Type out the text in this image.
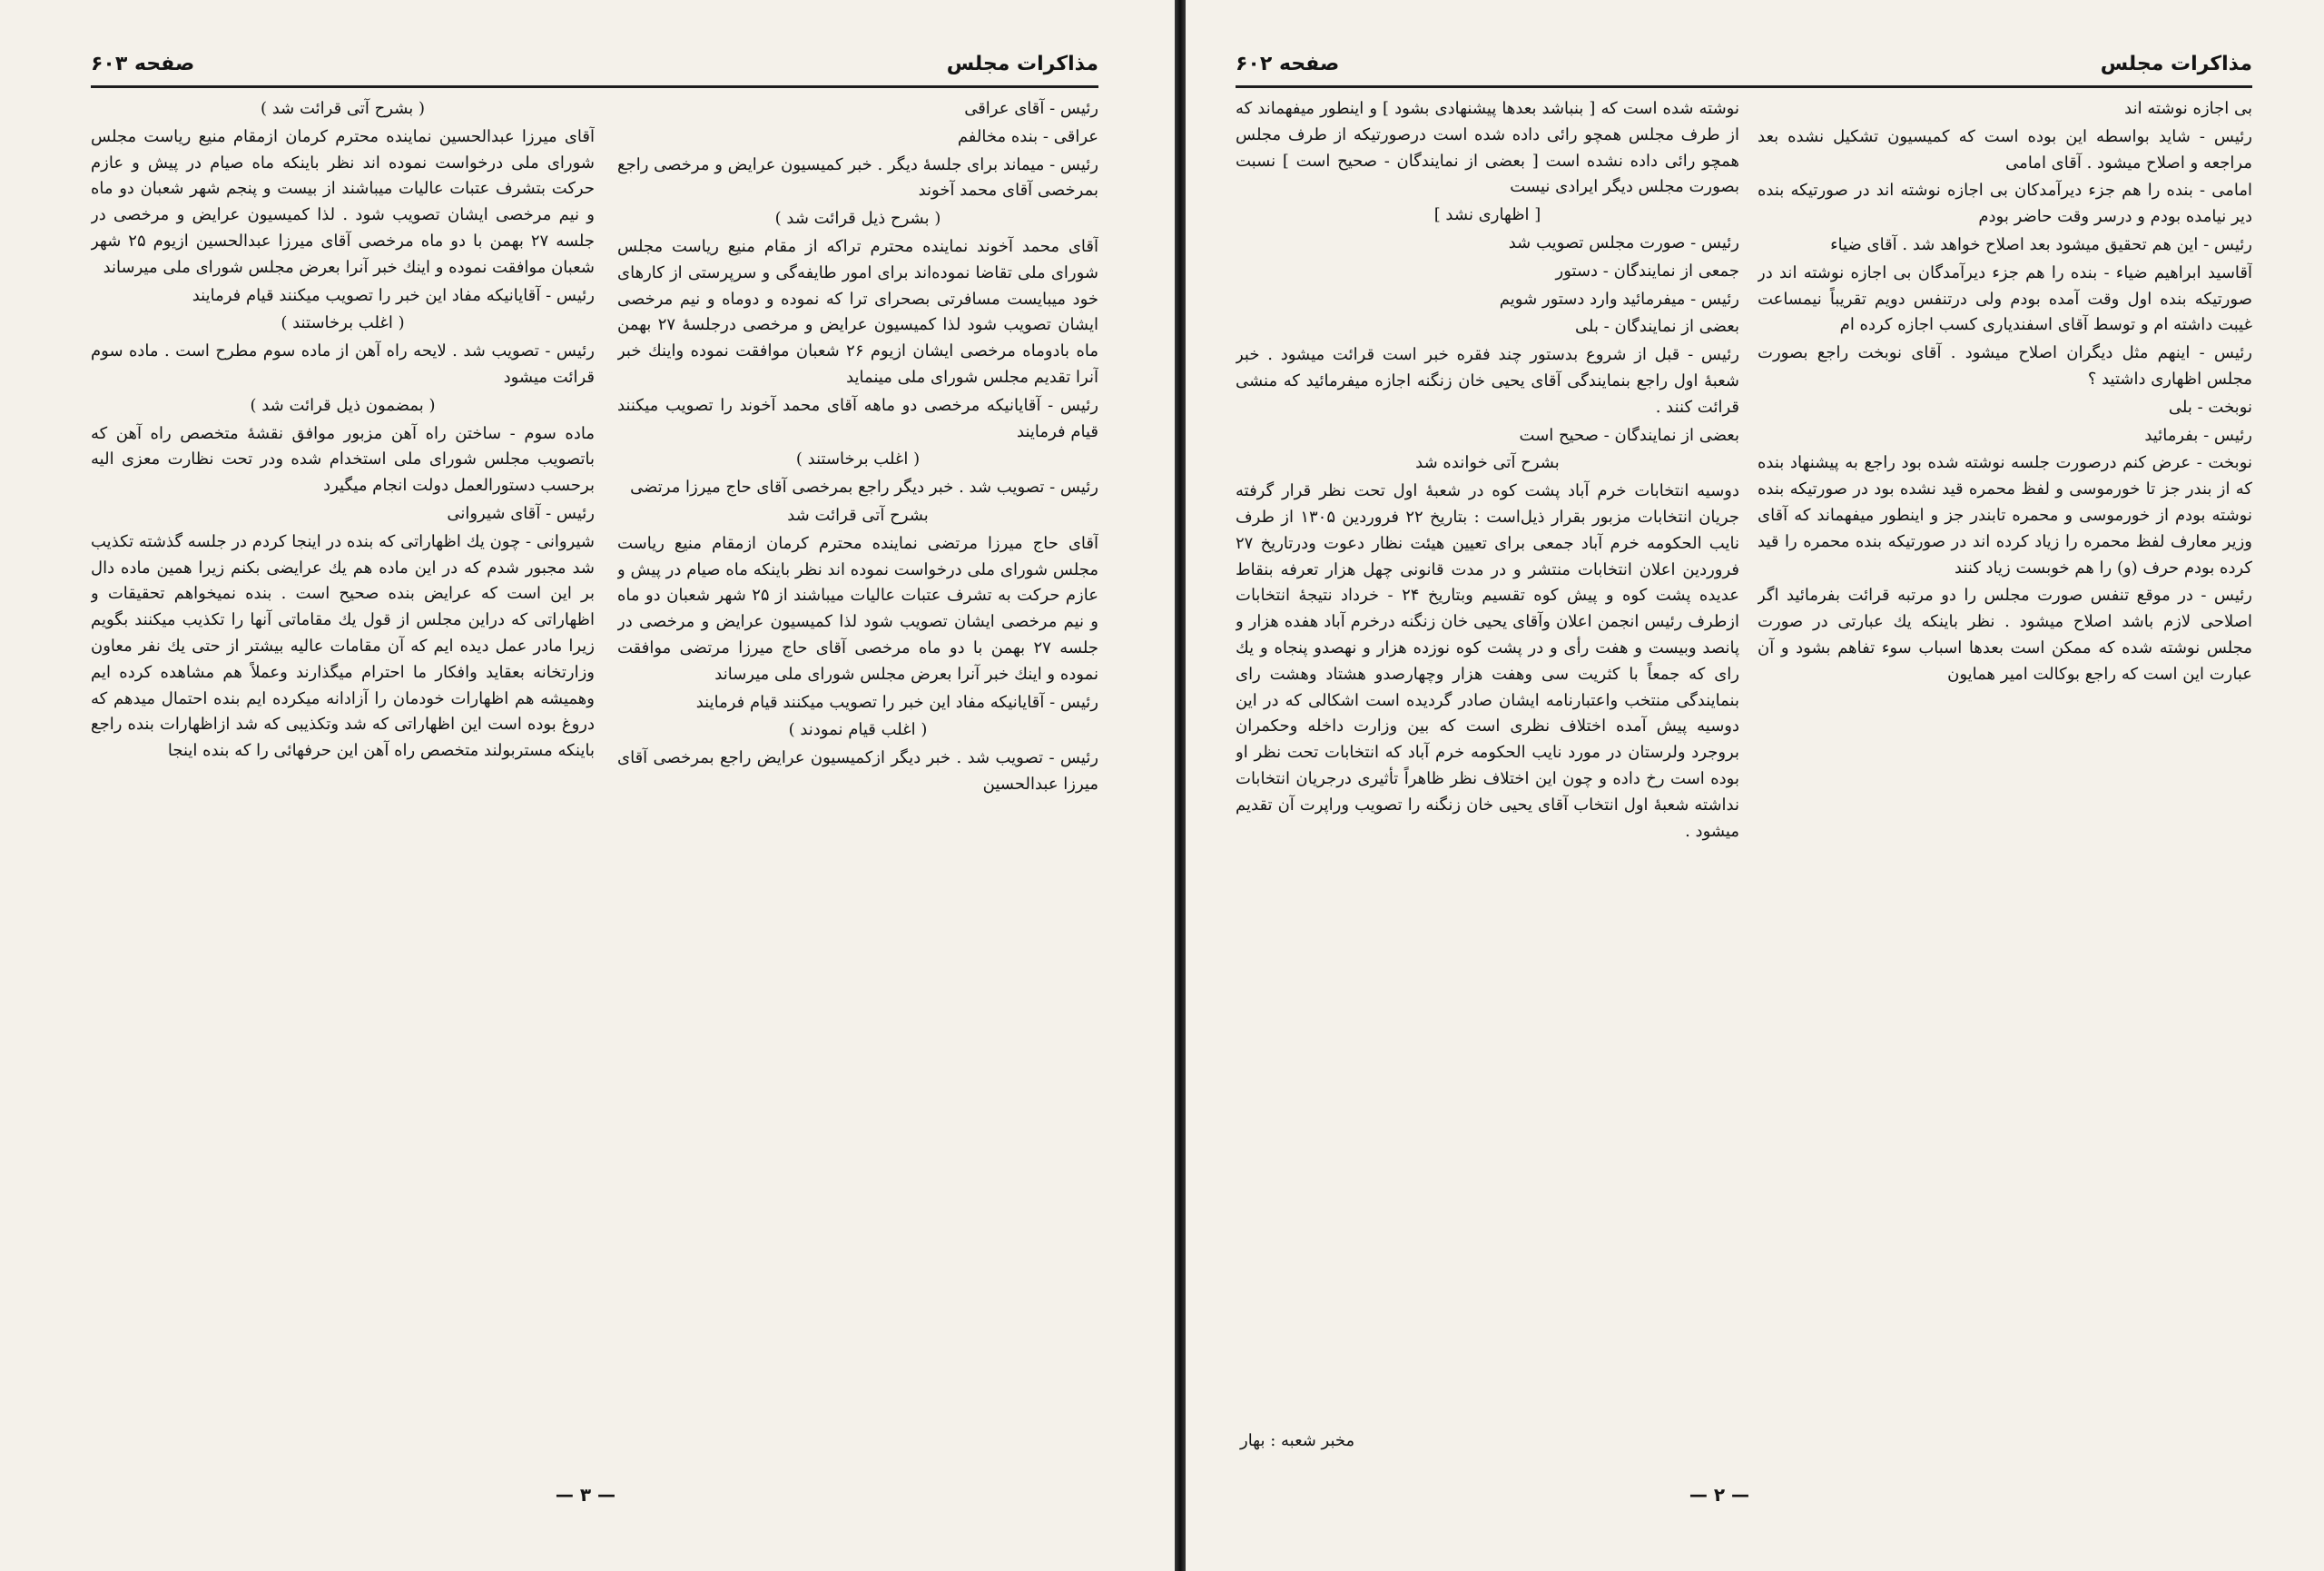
مذاکرات مجلس
صفحه ۶۰۳

رئیس - آقای عراقی

عراقی - بنده مخالفم

رئیس - میماند برای جلسهٔ دیگر . خبر کمیسیون عرایض و مرخصی راجع بمرخصی آقای محمد آخوند

( بشرح ذیل قرائت شد )

آقای محمد آخوند نماینده محترم تراکه از مقام منیع ریاست مجلس شورای ملی تقاضا نموده‌اند برای امور طایفه‌گی و سرپرستی از کارهای خود میبایست مسافرتی بصحرای ترا که نموده و دوماه و نیم مرخصی ایشان تصویب شود لذا کمیسیون عرایض و مرخصی درجلسهٔ ۲۷ بهمن ماه بادوماه مرخصی ایشان ازیوم ۲۶ شعبان موافقت نموده واینك خبر آنرا تقدیم مجلس شورای ملی مینماید

رئیس - آقایانیکه مرخصی دو ماهه آقای محمد آخوند را تصویب میکنند قیام فرمایند

( اغلب برخاستند )

رئیس - تصویب شد . خبر دیگر راجع بمرخصی آقای حاج میرزا مرتضی

بشرح آتی قرائت شد

آقای حاج میرزا مرتضی نماینده محترم کرمان ازمقام منیع ریاست مجلس شورای ملی درخواست نموده اند نظر باینکه ماه صیام در پیش و عازم حرکت به تشرف عتبات عالیات میباشند از ۲۵ شهر شعبان دو ماه و نیم مرخصی ایشان تصویب شود لذا کمیسیون عرایض و مرخصی در جلسه ۲۷ بهمن با دو ماه مرخصی آقای حاج میرزا مرتضی موافقت نموده و اینك خبر آنرا بعرض مجلس شورای ملی میرساند

رئیس - آقایانیکه مفاد این خبر را تصویب میکنند قیام فرمایند

( اغلب قیام نمودند )

رئیس - تصویب شد . خبر دیگر ازکمیسیون عرایض راجع بمرخصی آقای میرزا عبدالحسین

( بشرح آتی قرائت شد )

آقای میرزا عبدالحسین نماینده محترم کرمان ازمقام منیع ریاست مجلس شورای ملی درخواست نموده اند نظر باینکه ماه صیام در پیش و عازم حرکت بتشرف عتبات عالیات میباشند از بیست و پنجم شهر شعبان دو ماه و نیم مرخصی ایشان تصویب شود . لذا کمیسیون عرایض و مرخصی در جلسه ۲۷ بهمن با دو ماه مرخصی آقای میرزا عبدالحسین ازیوم ۲۵ شهر شعبان موافقت نموده و اینك خبر آنرا بعرض مجلس شورای ملی میرساند

رئیس - آقایانیکه مفاد این خبر را تصویب میکنند قیام فرمایند

( اغلب برخاستند )

رئیس - تصویب شد . لایحه راه آهن از ماده سوم مطرح است . ماده سوم قرائت میشود

( بمضمون ذیل قرائت شد )

ماده سوم - ساختن راه آهن مزبور موافق نقشهٔ متخصص راه آهن که باتصویب مجلس شورای ملی استخدام شده ودر تحت نظارت معزی الیه برحسب دستورالعمل دولت انجام میگیرد

رئیس - آقای شیروانی

شیروانی - چون یك اظهاراتی که بنده در اینجا کردم در جلسه گذشته تکذیب شد مجبور شدم که در این ماده هم یك عرایضی بکنم زیرا همین ماده دال بر این است که عرایض بنده صحیح است . بنده نمیخواهم تحقیقات و اظهاراتی که دراین مجلس از قول یك مقاماتی آنها را تکذیب میکنند بگویم زیرا مادر عمل دیده ایم که آن مقامات عالیه بیشتر از حتی یك نفر معاون وزارتخانه بعقاید وافکار ما احترام میگذارند وعملاً هم مشاهده کرده ایم وهمیشه هم اظهارات خودمان را آزادانه میکرده ایم بنده احتمال میدهم که دروغ بوده است این اظهاراتی که شد وتکذیبی که شد ازاظهارات بنده راجع باینکه مستربولند متخصص راه آهن این حرفهائی را که بنده اینجا

— ۳ —
مذاکرات مجلس
صفحه ۶۰۲

بی اجازه نوشته اند

رئیس - شاید بواسطه این بوده است که کمیسیون تشکیل نشده بعد مراجعه و اصلاح میشود . آقای امامی

امامی - بنده را هم جزء دیرآمدکان بی اجازه نوشته اند در صورتیکه بنده دیر نیامده بودم و درسر وقت حاضر بودم

رئیس - این هم تحقیق میشود بعد اصلاح خواهد شد . آقای ضیاء

آقاسید ابراهیم ضیاء - بنده را هم جزء دیرآمدگان بی اجازه نوشته اند در صورتیکه بنده اول وقت آمده بودم ولی درتنفس دویم تقریباً نیمساعت غیبت داشته ام و توسط آقای اسفندیاری کسب اجازه کرده ام

رئیس - اینهم مثل دیگران اصلاح میشود . آقای نوبخت راجع بصورت مجلس اظهاری داشتید ؟

نوبخت - بلی

رئیس - بفرمائید

نوبخت - عرض کنم درصورت جلسه نوشته شده بود راجع به پیشنهاد بنده که از بندر جز تا خورموسی و لفظ محمره قید نشده بود در صورتیکه بنده نوشته بودم از خورموسی و محمره تابندر جز و اینطور میفهماند که آقای وزیر معارف لفظ محمره را زیاد کرده اند در صورتیکه بنده محمره را قید کرده بودم حرف (و) را هم خوبست زیاد کنند

رئیس - در موقع تنفس صورت مجلس را دو مرتبه قرائت بفرمائید اگر اصلاحی لازم باشد اصلاح میشود . نظر باینکه یك عبارتی در صورت مجلس نوشته شده که ممکن است بعدها اسباب سوء تفاهم بشود و آن عبارت این است که راجع بوکالت امیر همایون

نوشته شده است که [ بنباشد بعدها پیشنهادی بشود ] و اینطور میفهماند که از طرف مجلس همچو رائی داده شده است درصورتیکه از طرف مجلس همچو رائی داده نشده است [ بعضی از نمایندگان - صحیح است ] نسبت بصورت مجلس دیگر ایرادی نیست

[ اظهاری نشد ]

رئیس - صورت مجلس تصویب شد

جمعی از نمایندگان - دستور

رئیس - میفرمائید وارد دستور شویم

بعضی از نمایندگان - بلی

رئیس - قبل از شروع بدستور چند فقره خبر است قرائت میشود . خبر شعبهٔ اول راجع بنمایندگی آقای یحیی خان زنگنه اجازه میفرمائید که منشی قرائت کنند .

بعضی از نمایندگان - صحیح است

بشرح آتی خوانده شد

دوسیه انتخابات خرم آباد پشت کوه در شعبهٔ اول تحت نظر قرار گرفته جریان انتخابات مزبور بقرار ذیل‌است : بتاریخ ۲۲ فروردین ۱۳۰۵ از طرف نایب الحکومه خرم آباد جمعی برای تعیین هیئت نظار دعوت ودرتاریخ ۲۷ فروردین اعلان انتخابات منتشر و در مدت قانونی چهل هزار تعرفه بنقاط عدیده پشت کوه و پیش کوه تقسیم وبتاریخ ۲۴ - خرداد نتیجهٔ انتخابات ازطرف رئیس انجمن اعلان وآقای یحیی خان زنگنه درخرم آباد هفده هزار و پانصد وبیست و هفت رأی و در پشت کوه نوزده هزار و نهصدو پنجاه و یك رای که جمعاً با کثریت سی وهفت هزار وچهارصدو هشتاد وهشت رای بنمایندگی منتخب واعتبارنامه ایشان صادر گردیده است اشکالی که در این دوسیه پیش آمده اختلاف نظری است که بین وزارت داخله وحکمران بروجرد ولرستان در مورد نایب الحکومه خرم آباد که انتخابات تحت نظر او بوده است رخ داده و چون این اختلاف نظر ظاهراً تأثیری درجریان انتخابات نداشته شعبهٔ اول انتخاب آقای یحیی خان زنگنه را تصویب وراپرت آن تقدیم میشود .

مخبر شعبه : بهار
— ۲ —
